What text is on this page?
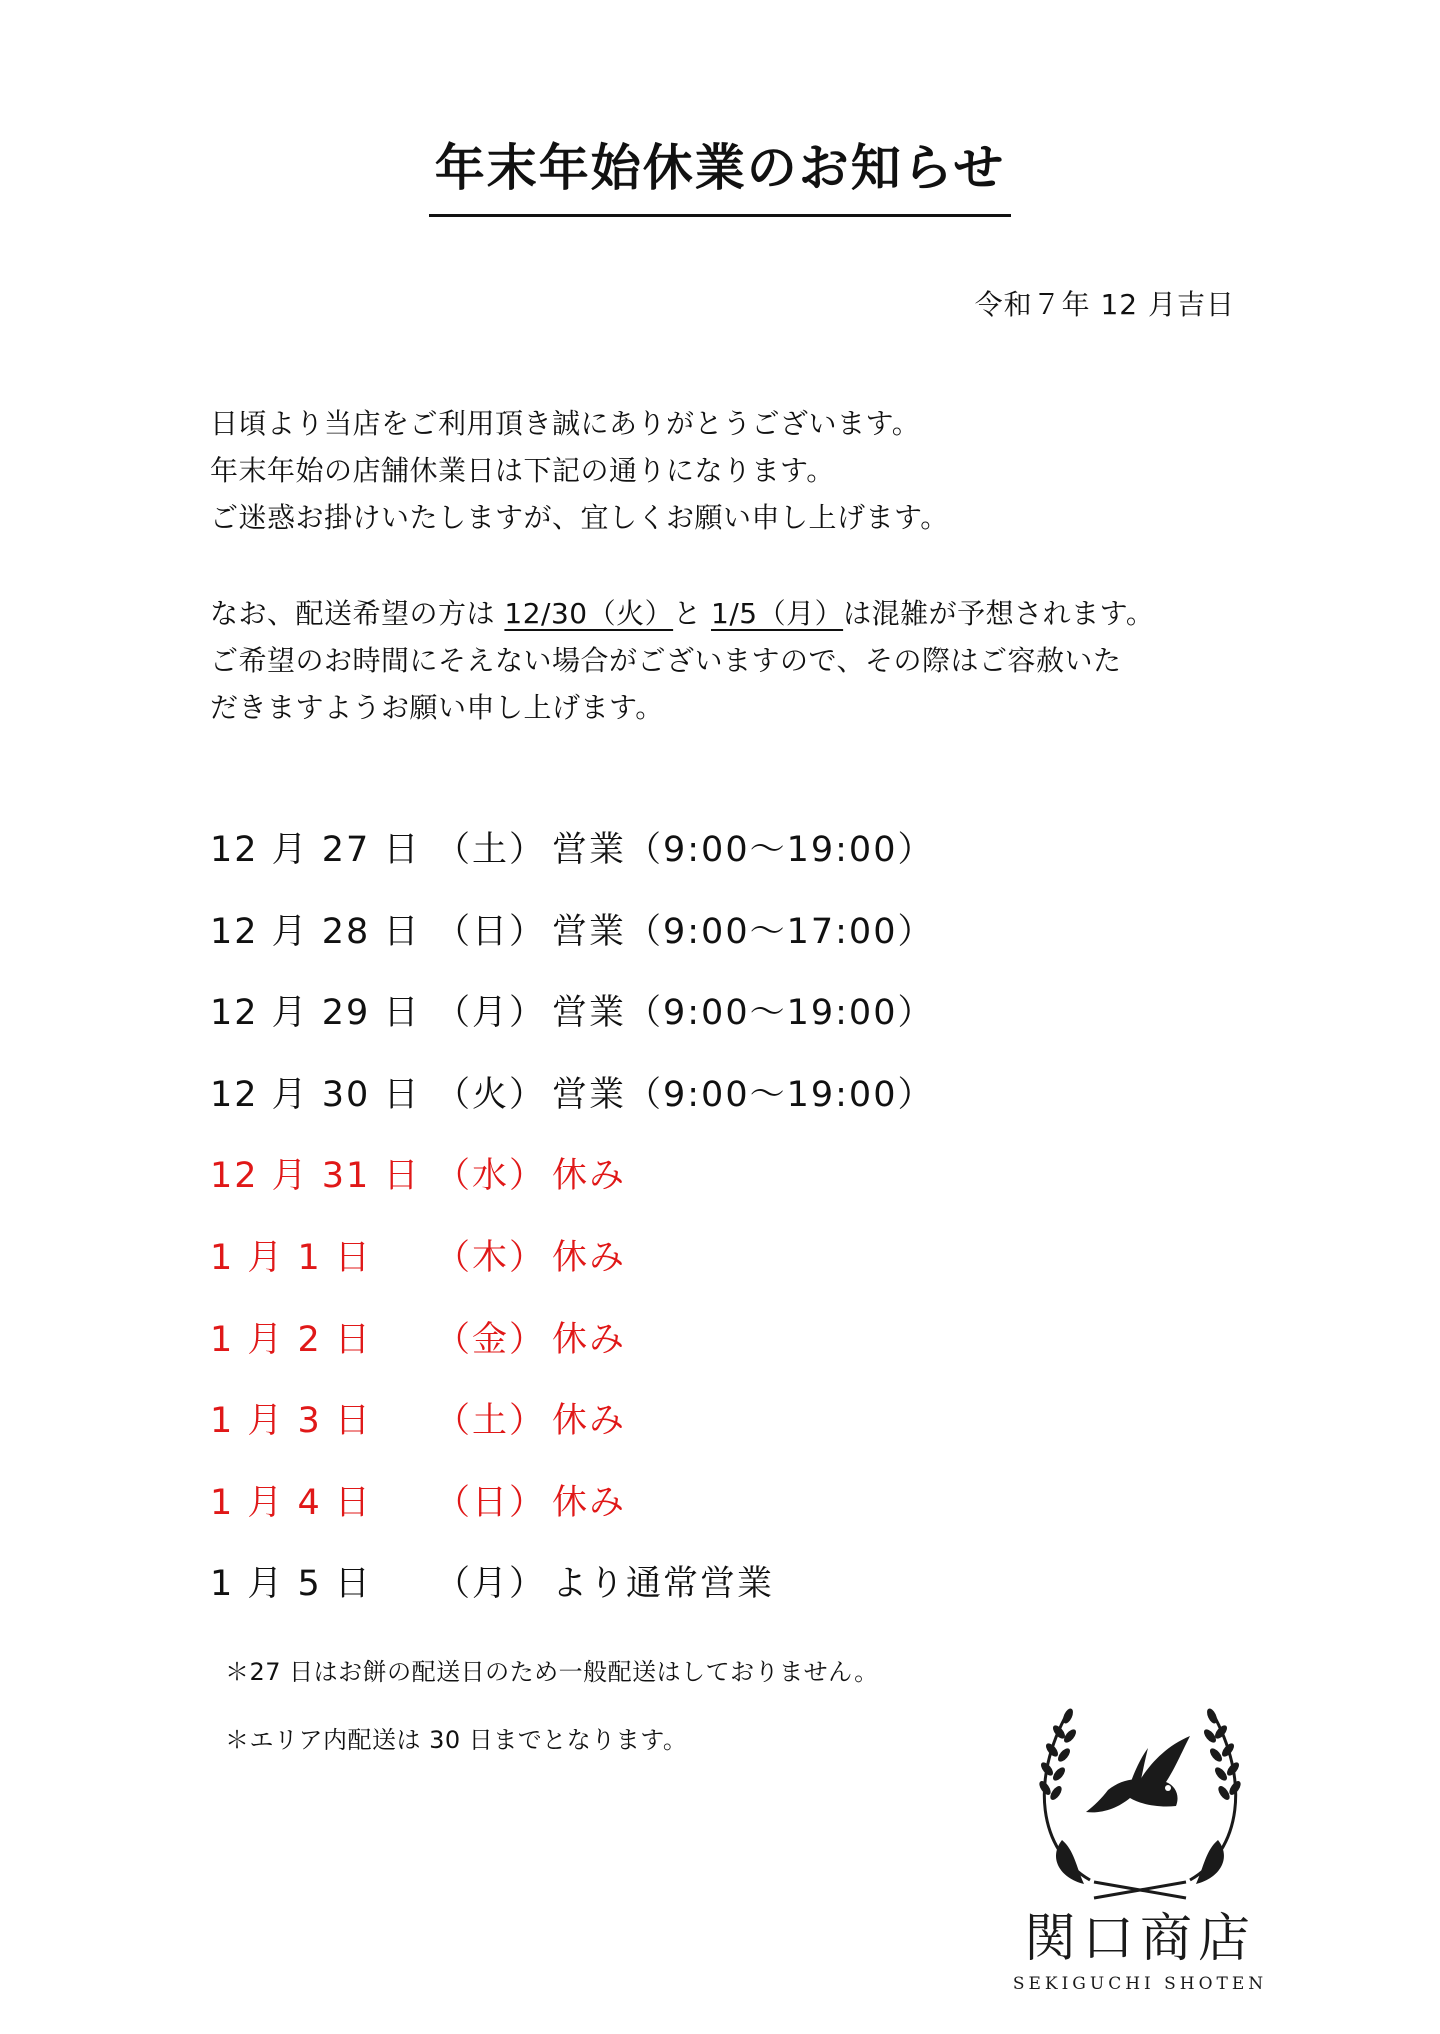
年末年始休業のお知らせ
令和７年 12 月吉日
日頃より当店をご利用頂き誠にありがとうございます。
年末年始の店舗休業日は下記の通りになります。
ご迷惑お掛けいたしますが、宜しくお願い申し上げます。
なお、配送希望の方は 12/30（火）と 1/5（月）は混雑が予想されます。
ご希望のお時間にそえない場合がございますので、その際はご容赦いた
だきますようお願い申し上げます。
12 月 27 日 （土） 営業（9:00～19:00）
12 月 28 日 （日） 営業（9:00～17:00）
12 月 29 日 （月） 営業（9:00～19:00）
12 月 30 日 （火） 営業（9:00～19:00）
12 月 31 日 （水） 休み
1 月 1 日 （木） 休み
1 月 2 日 （金） 休み
1 月 3 日 （土） 休み
1 月 4 日 （日） 休み
1 月 5 日 （月） より通常営業
＊27 日はお餅の配送日のため一般配送はしておりません。
＊エリア内配送は 30 日までとなります。
関口商店
SEKIGUCHI SHOTEN
